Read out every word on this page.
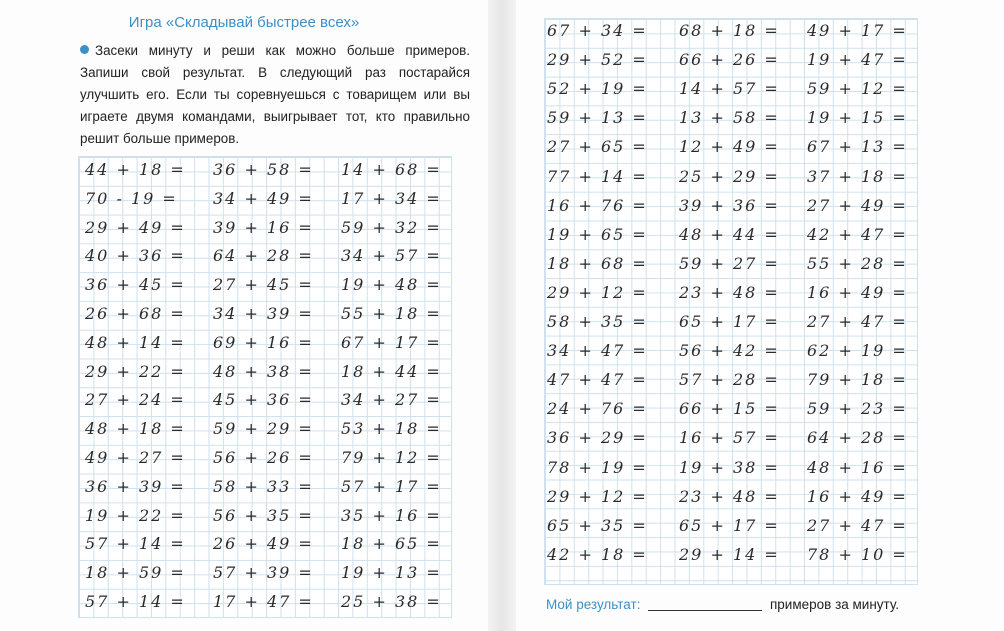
Игра «Складывай быстрее всех»
Засеки минуту и реши как можно больше примеров. Запиши свой результат. В следующий раз постарайся улучшить его. Если ты соревнуешься с товарищем или вы играете двумя командами, выигрывает тот, кто правильно решит больше примеров.
44 + 18 =
70 - 19 =
29 + 49 =
40 + 36 =
36 + 45 =
26 + 68 =
48 + 14 =
29 + 22 =
27 + 24 =
48 + 18 =
49 + 27 =
36 + 39 =
19 + 22 =
57 + 14 =
18 + 59 =
57 + 14 =
36 + 58 =
34 + 49 =
39 + 16 =
64 + 28 =
27 + 45 =
34 + 39 =
69 + 16 =
48 + 38 =
45 + 36 =
59 + 29 =
56 + 26 =
58 + 33 =
56 + 35 =
26 + 49 =
57 + 39 =
17 + 47 =
14 + 68 =
17 + 34 =
59 + 32 =
34 + 57 =
19 + 48 =
55 + 18 =
67 + 17 =
18 + 44 =
34 + 27 =
53 + 18 =
79 + 12 =
57 + 17 =
35 + 16 =
18 + 65 =
19 + 13 =
25 + 38 =
67 + 34 =
29 + 52 =
52 + 19 =
59 + 13 =
27 + 65 =
77 + 14 =
16 + 76 =
19 + 65 =
18 + 68 =
29 + 12 =
58 + 35 =
34 + 47 =
47 + 47 =
24 + 76 =
36 + 29 =
78 + 19 =
29 + 12 =
65 + 35 =
42 + 18 =
68 + 18 =
66 + 26 =
14 + 57 =
13 + 58 =
12 + 49 =
25 + 29 =
39 + 36 =
48 + 44 =
59 + 27 =
23 + 48 =
65 + 17 =
56 + 42 =
57 + 28 =
66 + 15 =
16 + 57 =
19 + 38 =
23 + 48 =
65 + 17 =
29 + 14 =
49 + 17 =
19 + 47 =
59 + 12 =
19 + 15 =
67 + 13 =
37 + 18 =
27 + 49 =
42 + 47 =
55 + 28 =
16 + 49 =
27 + 47 =
62 + 19 =
79 + 18 =
59 + 23 =
64 + 28 =
48 + 16 =
16 + 49 =
27 + 47 =
78 + 10 =
Мой результат:	примеров за минуту.
